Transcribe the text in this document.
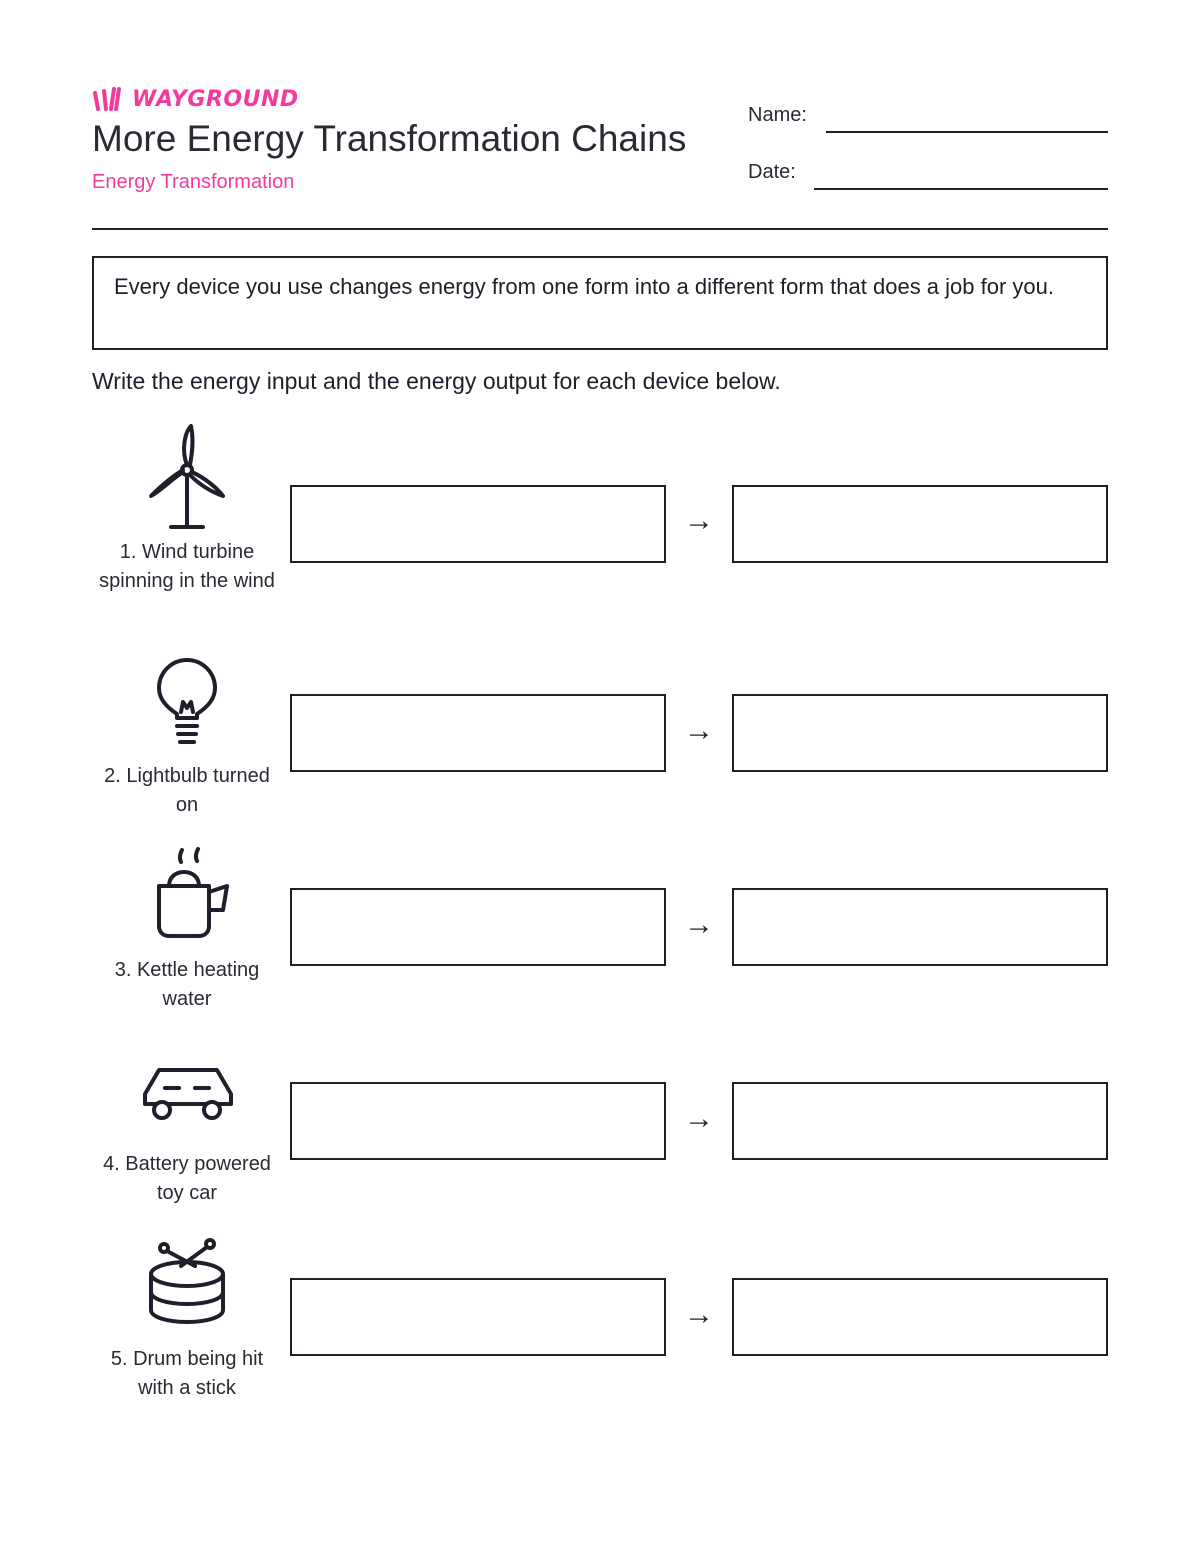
WAYGROUND
More Energy Transformation Chains
Energy Transformation
Name:
Date:
Every device you use changes energy from one form into a different form that does a job for you.
Write the energy input and the energy output for each device below.
1. Wind turbine spinning in the wind
→
2. Lightbulb turned on
→
3. Kettle heating water
→
4. Battery powered toy car
→
5. Drum being hit with a stick
→
